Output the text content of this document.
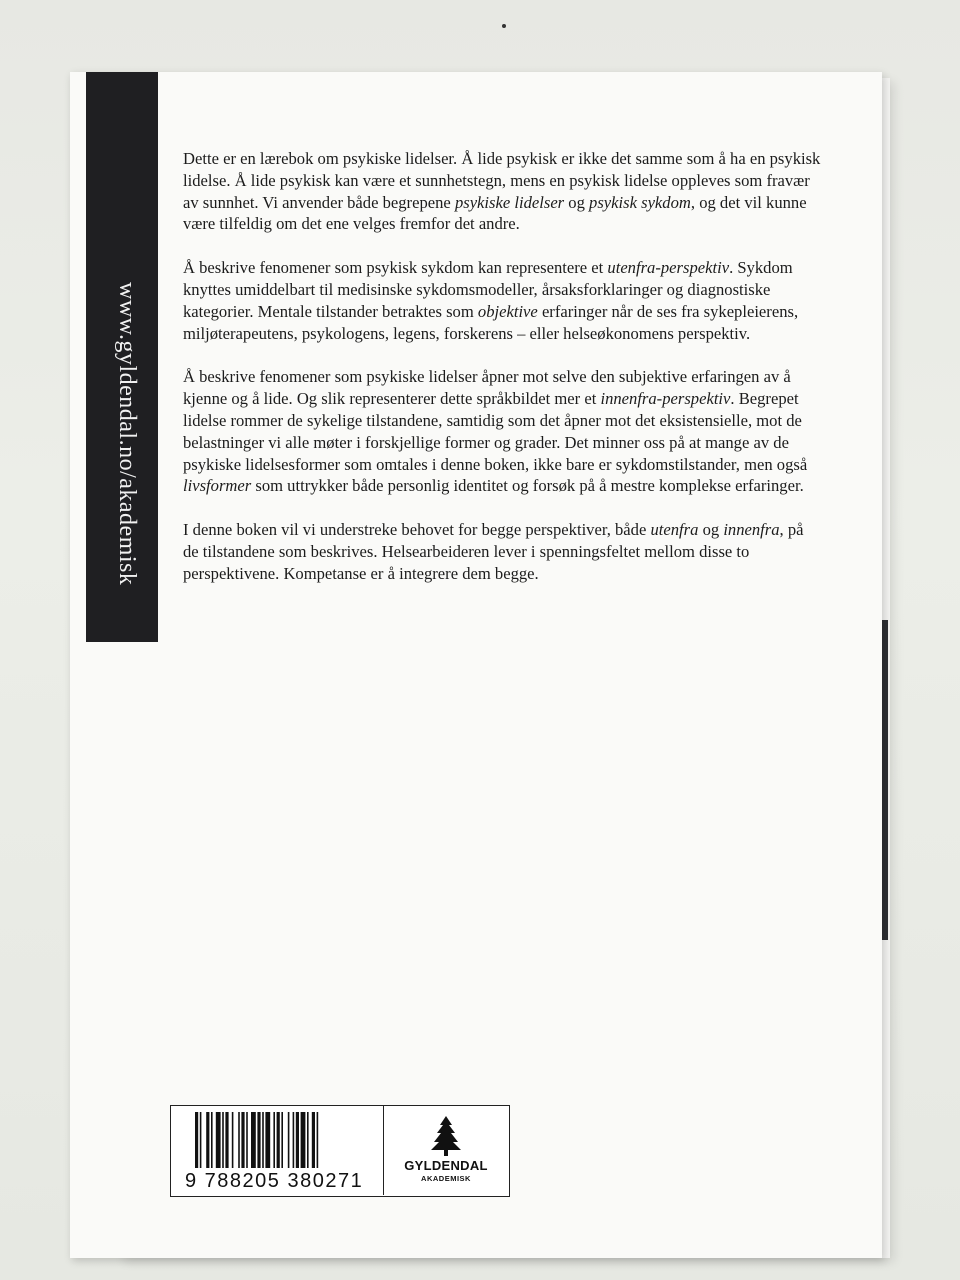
www.gyldendal.no/akademisk

Dette er en lærebok om psykiske lidelser. Å lide psykisk er ikke det samme som å ha en psykisk lidelse. Å lide psykisk kan være et sunnhetstegn, mens en psykisk lidelse oppleves som fravær av sunnhet. Vi anvender både begrepene psykiske lidelser og psykisk sykdom, og det vil kunne være tilfeldig om det ene velges fremfor det andre.

Å beskrive fenomener som psykisk sykdom kan representere et utenfra-perspektiv. Sykdom knyttes umiddelbart til medisinske sykdomsmodeller, årsaksforklaringer og diagnostiske kategorier. Mentale tilstander betraktes som objektive erfaringer når de ses fra sykepleierens, miljøterapeutens, psykologens, legens, forskerens – eller helseøkonomens perspektiv.

Å beskrive fenomener som psykiske lidelser åpner mot selve den subjektive erfaringen av å kjenne og å lide. Og slik representerer dette språkbildet mer et innenfra-perspektiv. Begrepet lidelse rommer de sykelige tilstandene, samtidig som det åpner mot det eksistensielle, mot de belastninger vi alle møter i forskjellige former og grader. Det minner oss på at mange av de psykiske lidelsesformer som omtales i denne boken, ikke bare er sykdomstilstander, men også livsformer som uttrykker både personlig identitet og forsøk på å mestre komplekse erfaringer.

I denne boken vil vi understreke behovet for begge perspektiver, både utenfra og innenfra, på de tilstandene som beskrives. Helsearbeideren lever i spenningsfeltet mellom disse to perspektivene. Kompetanse er å integrere dem begge.

9 788205 380271
GYLDENDAL
AKADEMISK
